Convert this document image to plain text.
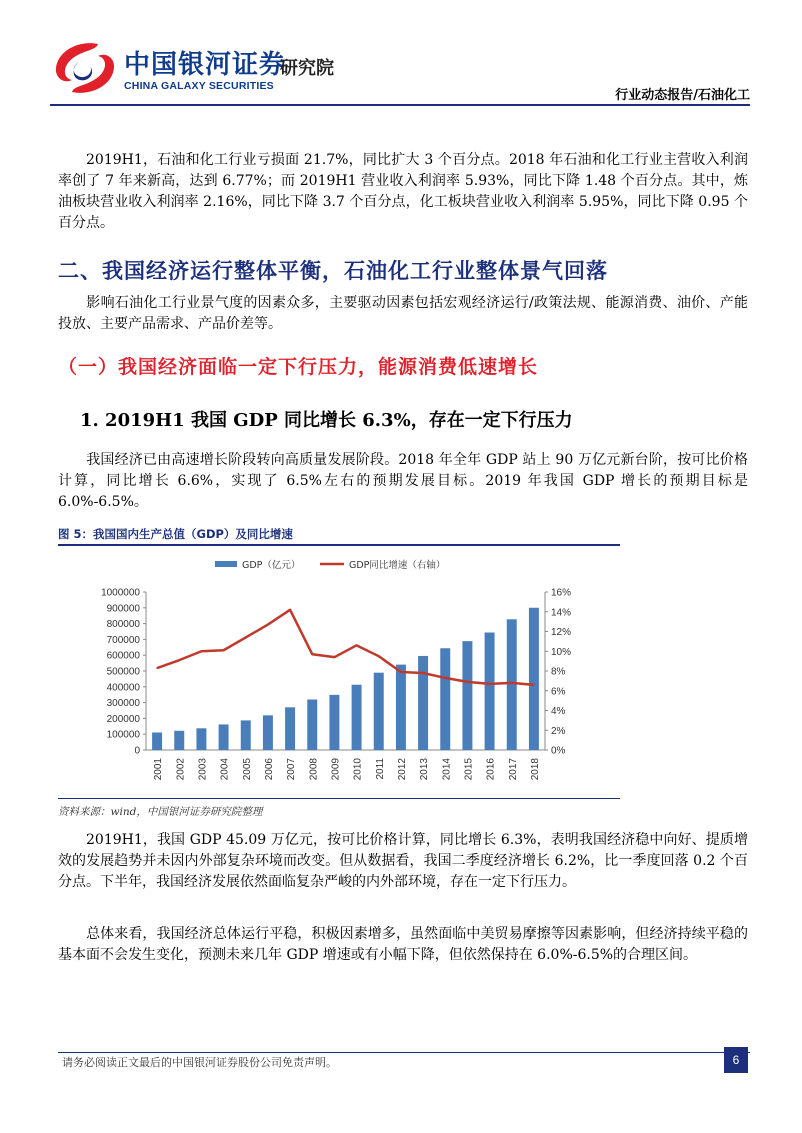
中国银河证券
CHINA GALAXY SECURITIES
研究院
行业动态报告/石油化工

2019H1，石油和化工行业亏损面 21.7%，同比扩大 3 个百分点。2018 年石油和化工行业主营收入利润率创了 7 年来新高，达到 6.77%；而 2019H1 营业收入利润率 5.93%，同比下降 1.48 个百分点。其中，炼油板块营业收入利润率 2.16%，同比下降 3.7 个百分点，化工板块营业收入利润率 5.95%，同比下降 0.95 个百分点。

二、我国经济运行整体平衡，石油化工行业整体景气回落

影响石油化工行业景气度的因素众多，主要驱动因素包括宏观经济运行/政策法规、能源消费、油价、产能投放、主要产品需求、产品价差等。

（一）我国经济面临一定下行压力，能源消费低速增长
1. 2019H1 我国 GDP 同比增长 6.3%，存在一定下行压力

我国经济已由高速增长阶段转向高质量发展阶段。2018 年全年 GDP 站上 90 万亿元新台阶，按可比价格计算，同比增长 6.6%，实现了 6.5%左右的预期发展目标。2019 年我国 GDP 增长的预期目标是 6.0%-6.5%。

图 5：我国国内生产总值（GDP）及同比增速
GDP（亿元）	GDP同比增速（右轴）
0
100000
200000
300000
400000
500000
600000
700000
800000
900000
1000000
0%
2%
4%
6%
8%
10%
12%
14%
16%
2001 2002 2003 2004 2005 2006 2007 2008 2009 2010 2011 2012 2013 2014 2015 2016 2017 2018
资料来源：wind，中国银河证券研究院整理

2019H1，我国 GDP 45.09 万亿元，按可比价格计算，同比增长 6.3%，表明我国经济稳中向好、提质增效的发展趋势并未因内外部复杂环境而改变。但从数据看，我国二季度经济增长 6.2%，比一季度回落 0.2 个百分点。下半年，我国经济发展依然面临复杂严峻的内外部环境，存在一定下行压力。

总体来看，我国经济总体运行平稳，积极因素增多，虽然面临中美贸易摩擦等因素影响，但经济持续平稳的基本面不会发生变化，预测未来几年 GDP 增速或有小幅下降，但依然保持在 6.0%-6.5%的合理区间。

请务必阅读正文最后的中国银河证券股份公司免责声明。	6
